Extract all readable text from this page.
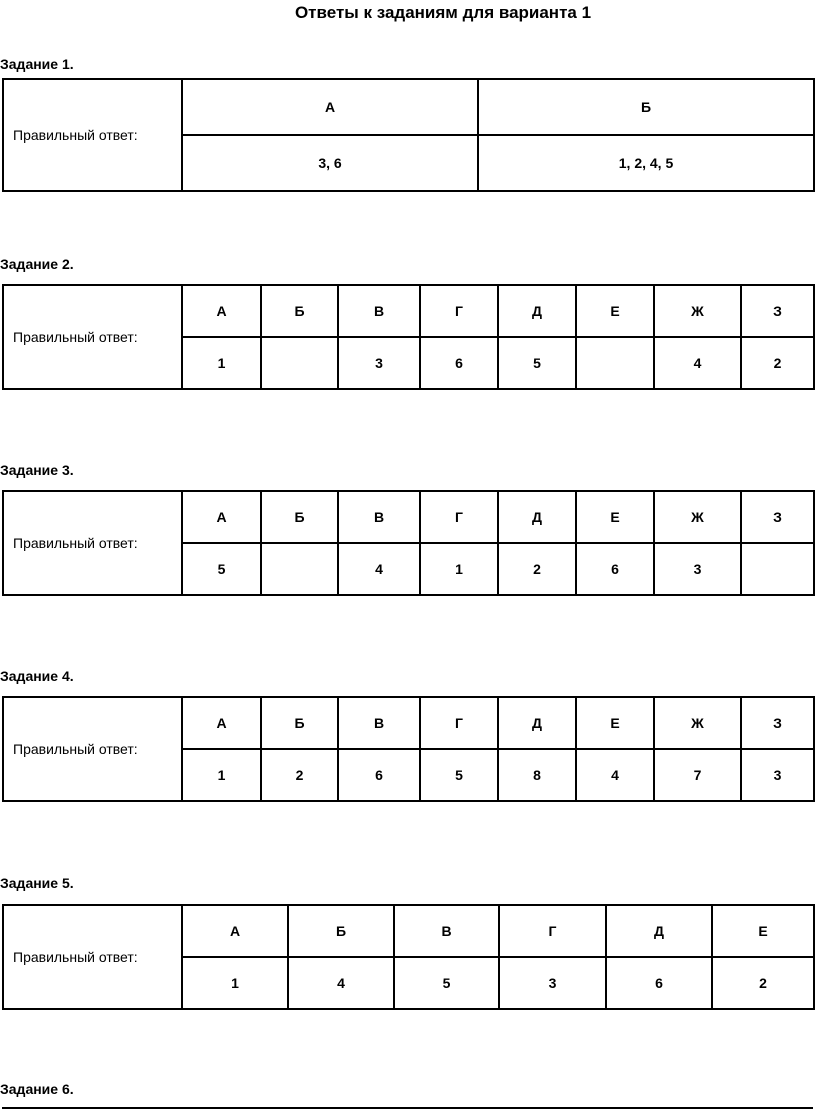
Ответы к заданиям для варианта 1
Задание 1.
Правильный ответ:	А	Б
	3, 6	1, 2, 4, 5
Задание 2.
Правильный ответ:	А	Б	В	Г	Д	Е	Ж	З
	1		3	6	5		4	2
Задание 3.
Правильный ответ:	А	Б	В	Г	Д	Е	Ж	З
	5		4	1	2	6	3	
Задание 4.
Правильный ответ:	А	Б	В	Г	Д	Е	Ж	З
	1	2	6	5	8	4	7	3
Задание 5.
Правильный ответ:	А	Б	В	Г	Д	Е
	1	4	5	3	6	2
Задание 6.
